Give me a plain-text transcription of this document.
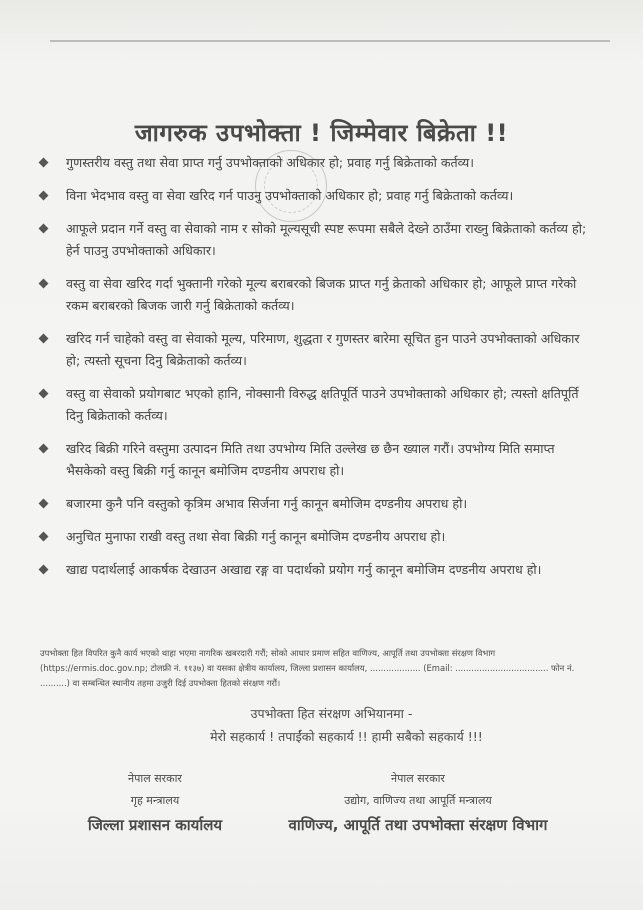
जागरुक उपभोक्ता ! जिम्मेवार बिक्रेता !!
गुणस्तरीय वस्तु तथा सेवा प्राप्त गर्नु उपभोक्ताको अधिकार हो; प्रवाह गर्नु बिक्रेताको कर्तव्य।
विना भेदभाव वस्तु वा सेवा खरिद गर्न पाउनु उपभोक्ताको अधिकार हो; प्रवाह गर्नु बिक्रेताको कर्तव्य।
आफूले प्रदान गर्ने वस्तु वा सेवाको नाम र सोको मूल्यसूची स्पष्ट रूपमा सबैले देख्ने ठाउँमा राख्नु बिक्रेताको कर्तव्य हो; हेर्न पाउनु उपभोक्ताको अधिकार।
वस्तु वा सेवा खरिद गर्दा भुक्तानी गरेको मूल्य बराबरको बिजक प्राप्त गर्नु क्रेताको अधिकार हो; आफूले प्राप्त गरेको रकम बराबरको बिजक जारी गर्नु बिक्रेताको कर्तव्य।
खरिद गर्न चाहेको वस्तु वा सेवाको मूल्य, परिमाण, शुद्धता र गुणस्तर बारेमा सूचित हुन पाउने उपभोक्ताको अधिकार हो; त्यस्तो सूचना दिनु बिक्रेताको कर्तव्य।
वस्तु वा सेवाको प्रयोगबाट भएको हानि, नोक्सानी विरुद्ध क्षतिपूर्ति पाउने उपभोक्ताको अधिकार हो; त्यस्तो क्षतिपूर्ति दिनु बिक्रेताको कर्तव्य।
खरिद बिक्री गरिने वस्तुमा उत्पादन मिति तथा उपभोग्य मिति उल्लेख छ छैन ख्याल गरौं। उपभोग्य मिति समाप्त भैसकेको वस्तु बिक्री गर्नु कानून बमोजिम दण्डनीय अपराध हो।
बजारमा कुनै पनि वस्तुको कृत्रिम अभाव सिर्जना गर्नु कानून बमोजिम दण्डनीय अपराध हो।
अनुचित मुनाफा राखी वस्तु तथा सेवा बिक्री गर्नु कानून बमोजिम दण्डनीय अपराध हो।
खाद्य पदार्थलाई आकर्षक देखाउन अखाद्य रङ्ग वा पदार्थको प्रयोग गर्नु कानून बमोजिम दण्डनीय अपराध हो।

उपभोक्ता हित विपरित कुनै कार्य भएको थाहा भएमा नागरिक खबरदारी गरौं; सोको आधार प्रमाण सहित वाणिज्य, आपूर्ति तथा उपभोक्ता संरक्षण विभाग (https://ermis.doc.gov.np; टोलफ्री नं. ११३७) वा यसका क्षेत्रीय कार्यालय, जिल्ला प्रशासन कार्यालय, ................... (Email: ................................... फोन नं. ..........) वा सम्बन्धित स्थानीय तहमा उजुरी दिई उपभोक्ता हितको संरक्षण गरौं।

उपभोक्ता हित संरक्षण अभियानमा -
मेरो सहकार्य ! तपाईंको सहकार्य !! हामी सबैको सहकार्य !!!
नेपाल सरकार
गृह मन्त्रालय
जिल्ला प्रशासन कार्यालय
नेपाल सरकार
उद्योग, वाणिज्य तथा आपूर्ति मन्त्रालय
वाणिज्य, आपूर्ति तथा उपभोक्ता संरक्षण विभाग
